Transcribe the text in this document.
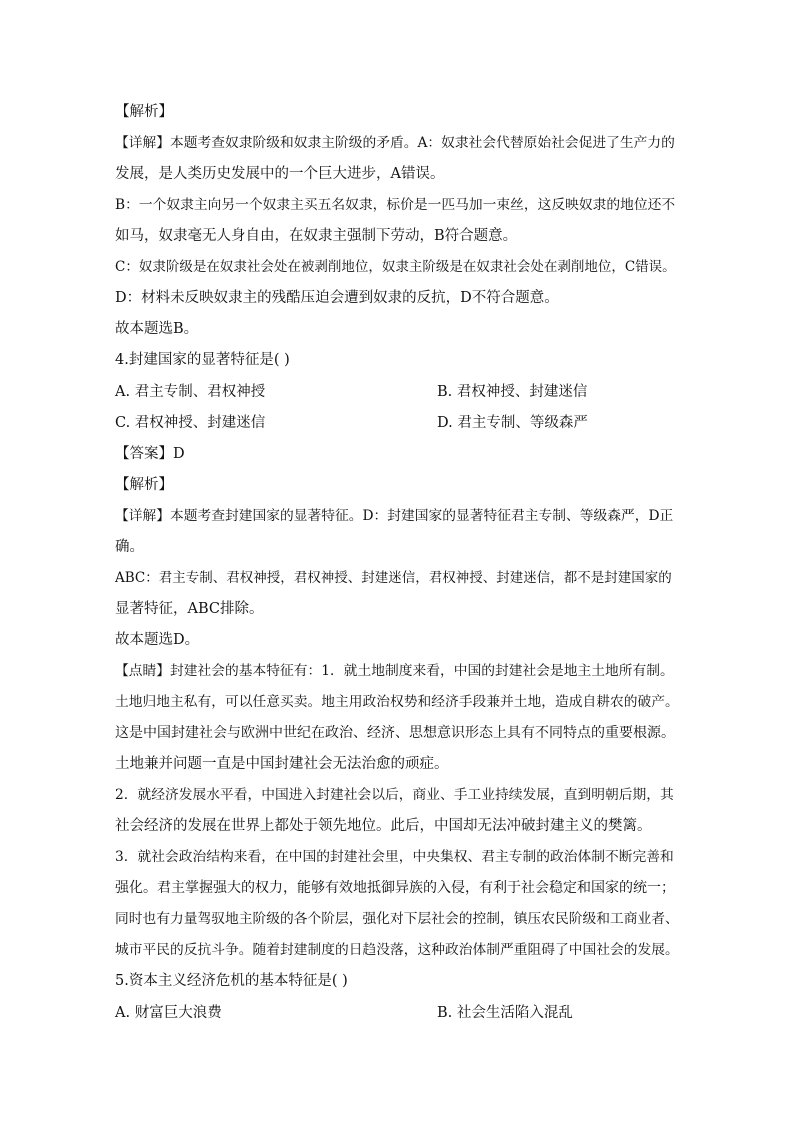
【解析】
【详解】本题考查奴隶阶级和奴隶主阶级的矛盾。A：奴隶社会代替原始社会促进了生产力的
发展，是人类历史发展中的一个巨大进步，A错误。
B：一个奴隶主向另一个奴隶主买五名奴隶，标价是一匹马加一束丝，这反映奴隶的地位还不
如马，奴隶毫无人身自由，在奴隶主强制下劳动，B符合题意。
C：奴隶阶级是在奴隶社会处在被剥削地位，奴隶主阶级是在奴隶社会处在剥削地位，C错误。
D：材料未反映奴隶主的残酷压迫会遭到奴隶的反抗，D不符合题意。
故本题选B。
4.封建国家的显著特征是( )
A. 君主专制、君权神授	B. 君权神授、封建迷信
C. 君权神授、封建迷信	D. 君主专制、等级森严
【答案】D
【解析】
【详解】本题考查封建国家的显著特征。D：封建国家的显著特征君主专制、等级森严，D正
确。
ABC：君主专制、君权神授，君权神授、封建迷信，君权神授、封建迷信，都不是封建国家的
显著特征，ABC排除。
故本题选D。
【点睛】封建社会的基本特征有：1．就土地制度来看，中国的封建社会是地主土地所有制。
土地归地主私有，可以任意买卖。地主用政治权势和经济手段兼并土地，造成自耕农的破产。
这是中国封建社会与欧洲中世纪在政治、经济、思想意识形态上具有不同特点的重要根源。
土地兼并问题一直是中国封建社会无法治愈的顽症。
2．就经济发展水平看，中国进入封建社会以后，商业、手工业持续发展，直到明朝后期，其
社会经济的发展在世界上都处于领先地位。此后，中国却无法冲破封建主义的樊篱。
3．就社会政治结构来看，在中国的封建社会里，中央集权、君主专制的政治体制不断完善和
强化。君主掌握强大的权力，能够有效地抵御异族的入侵，有利于社会稳定和国家的统一；
同时也有力量驾驭地主阶级的各个阶层，强化对下层社会的控制，镇压农民阶级和工商业者、
城市平民的反抗斗争。随着封建制度的日趋没落，这种政治体制严重阻碍了中国社会的发展。
5.资本主义经济危机的基本特征是( )
A. 财富巨大浪费	B. 社会生活陷入混乱
